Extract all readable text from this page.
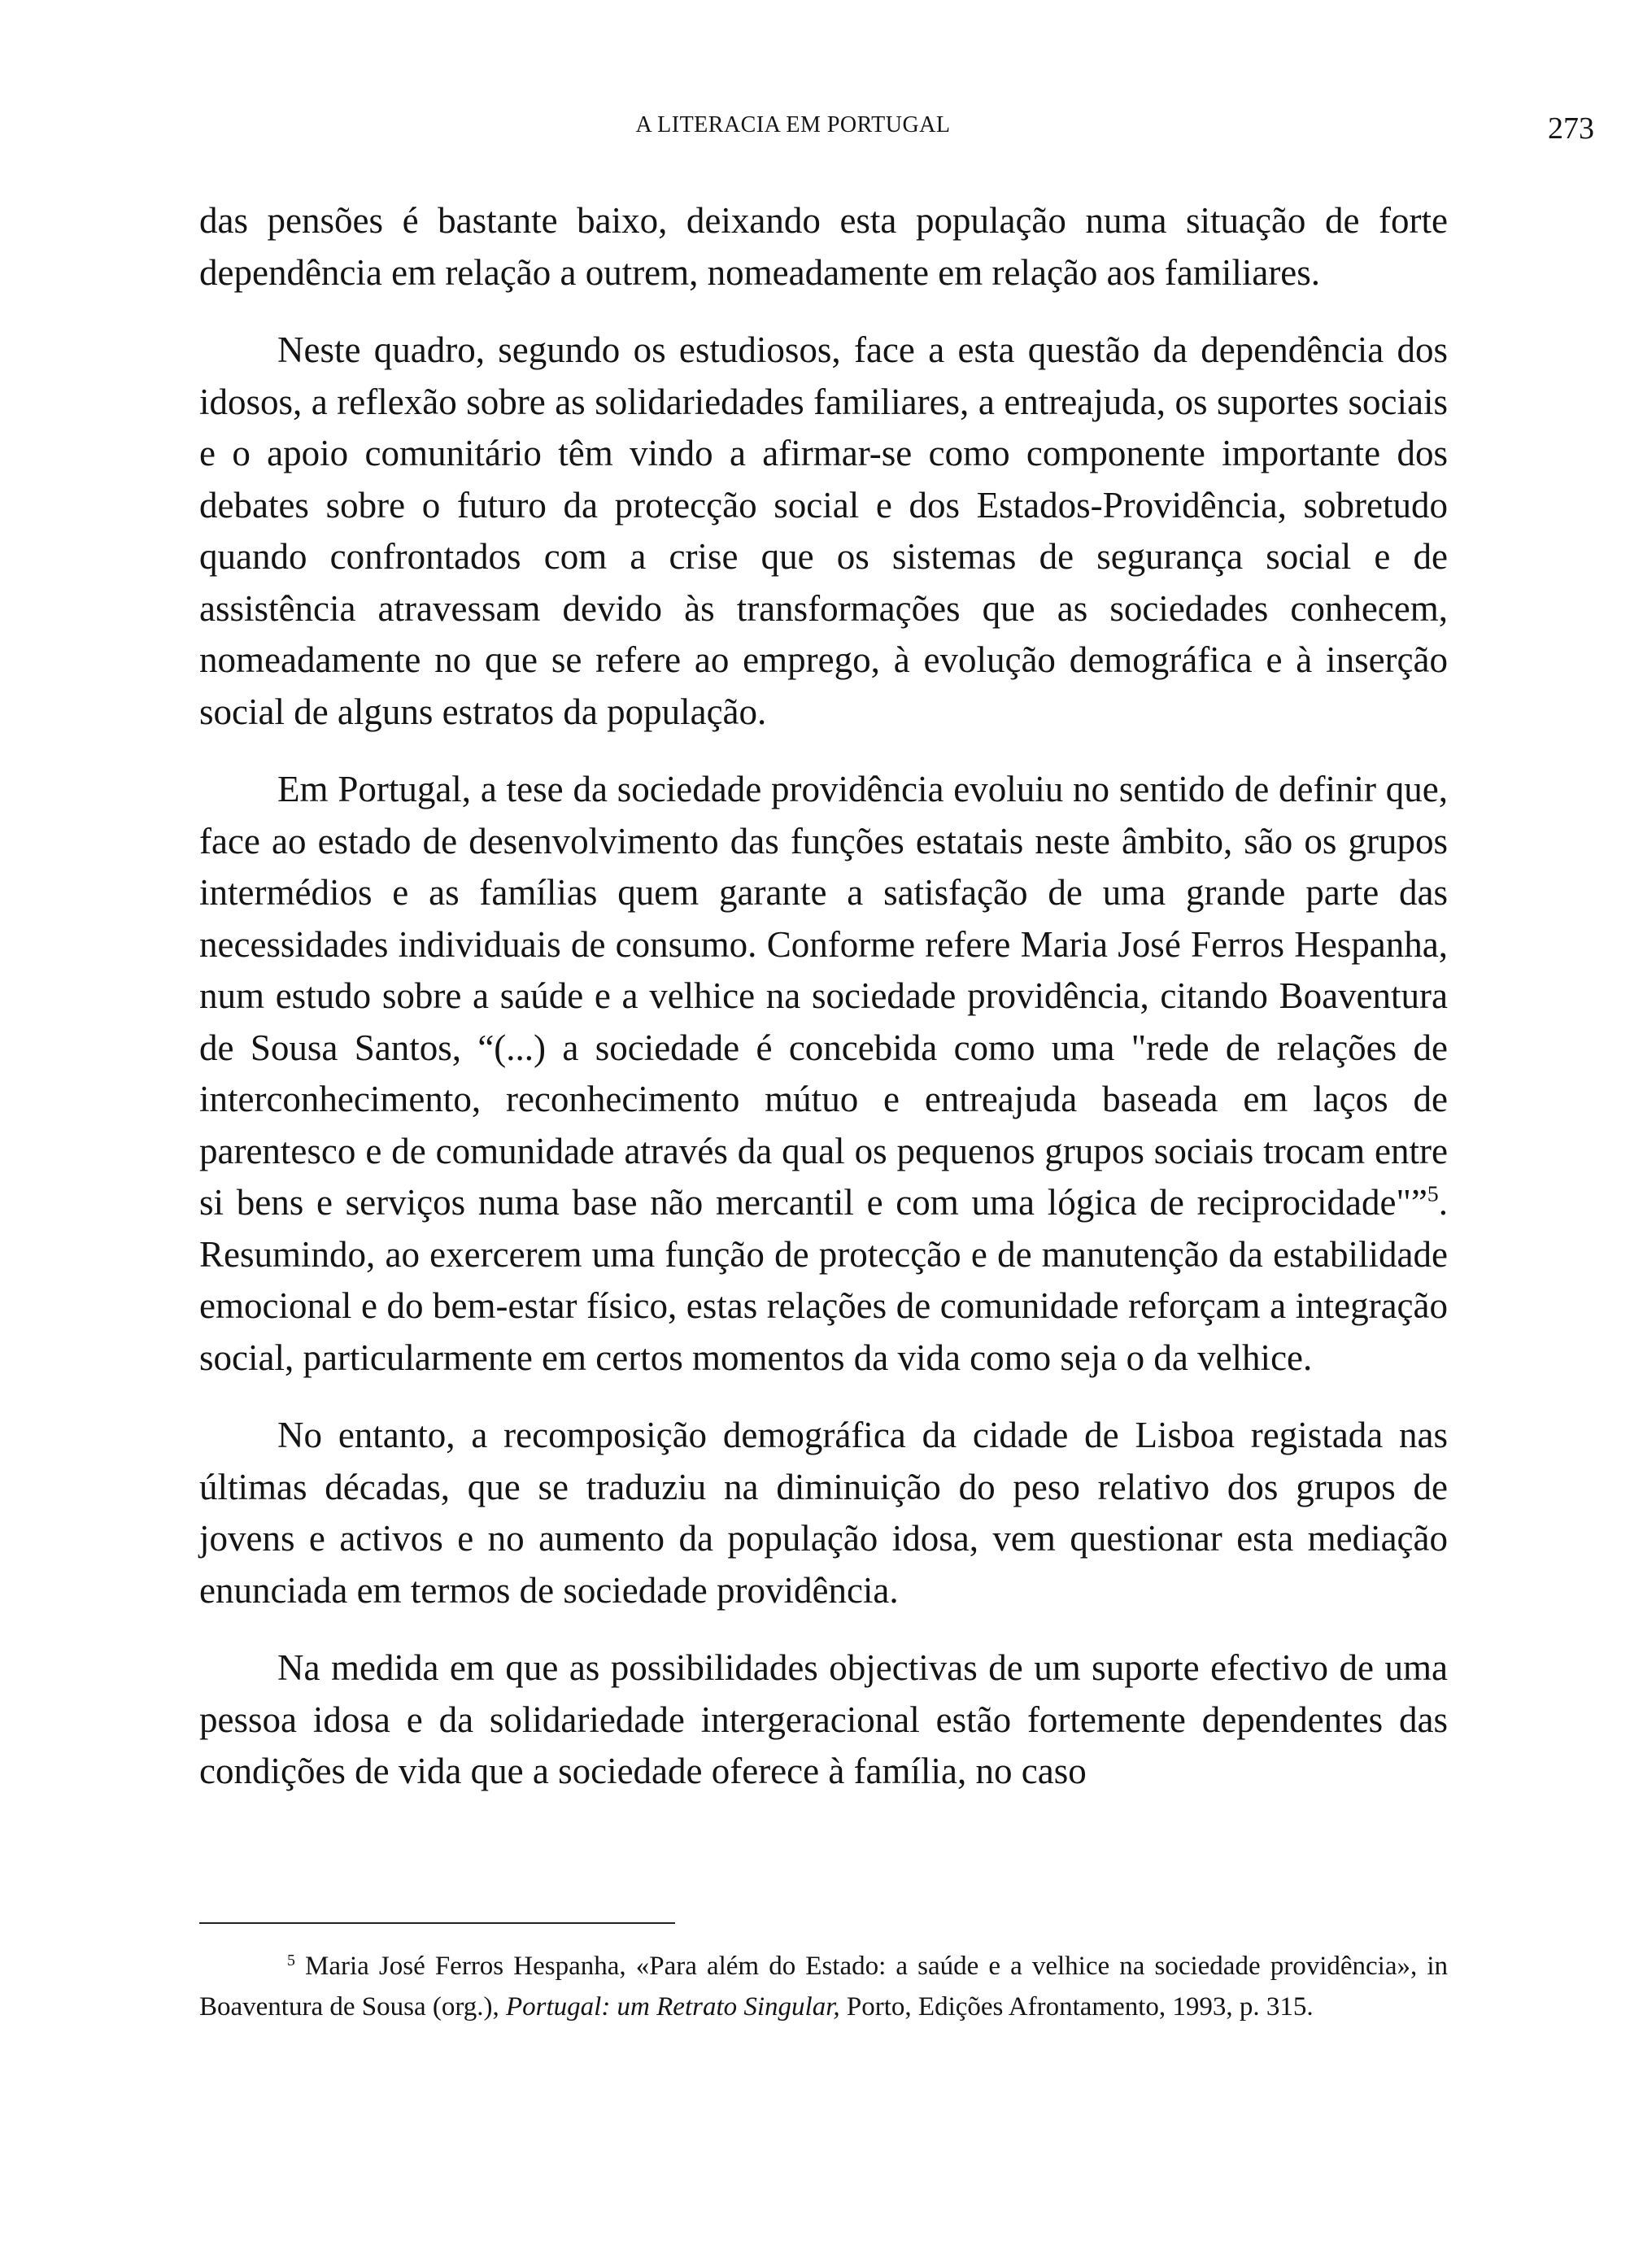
A LITERACIA EM PORTUGAL	273

das pensões é bastante baixo, deixando esta população numa situação de forte dependência em relação a outrem, nomeadamente em relação aos familiares.

Neste quadro, segundo os estudiosos, face a esta questão da dependência dos idosos, a reflexão sobre as solidariedades familiares, a entreajuda, os suportes sociais e o apoio comunitário têm vindo a afirmar-se como componente importante dos debates sobre o futuro da protecção social e dos Estados-Providência, sobretudo quando confrontados com a crise que os sistemas de segurança social e de assistência atravessam devido às transformações que as sociedades conhecem, nomeadamente no que se refere ao emprego, à evolução demográfica e à inserção social de alguns estratos da população.

Em Portugal, a tese da sociedade providência evoluiu no sentido de definir que, face ao estado de desenvolvimento das funções estatais neste âmbito, são os grupos intermédios e as famílias quem garante a satisfação de uma grande parte das necessidades individuais de consumo. Conforme refere Maria José Ferros Hespanha, num estudo sobre a saúde e a velhice na sociedade providência, citando Boaventura de Sousa Santos, “(...) a sociedade é concebida como uma "rede de relações de interconhecimento, reconhecimento mútuo e entreajuda baseada em laços de parentesco e de comunidade através da qual os pequenos grupos sociais trocam entre si bens e serviços numa base não mercantil e com uma lógica de reciprocidade"”$^5$. Resumindo, ao exercerem uma função de protecção e de manutenção da estabilidade emocional e do bem-estar físico, estas relações de comunidade reforçam a integração social, particularmente em certos momentos da vida como seja o da velhice.

No entanto, a recomposição demográfica da cidade de Lisboa registada nas últimas décadas, que se traduziu na diminuição do peso relativo dos grupos de jovens e activos e no aumento da população idosa, vem questionar esta mediação enunciada em termos de sociedade providência.

Na medida em que as possibilidades objectivas de um suporte efectivo de uma pessoa idosa e da solidariedade intergeracional estão fortemente dependentes das condições de vida que a sociedade oferece à família, no caso

$^5$ Maria José Ferros Hespanha, «Para além do Estado: a saúde e a velhice na sociedade providência», in Boaventura de Sousa (org.), Portugal: um Retrato Singular, Porto, Edições Afrontamento, 1993, p. 315.
